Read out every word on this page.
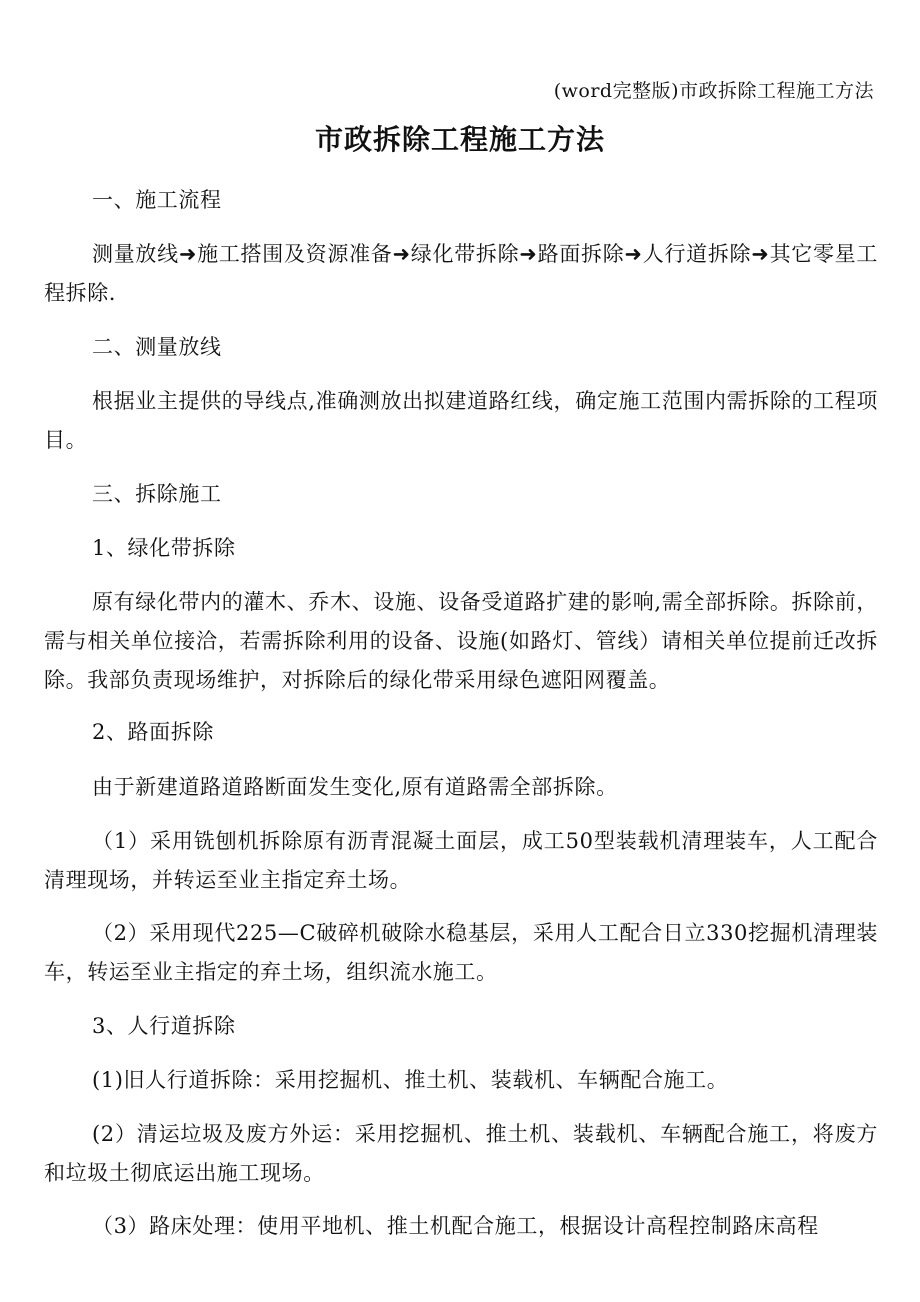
(word完整版)市政拆除工程施工方法
市政拆除工程施工方法
一、施工流程
测量放线➜施工搭围及资源准备➜绿化带拆除➜路面拆除➜人行道拆除➜其它零星工程拆除.
二、测量放线
根据业主提供的导线点,准确测放出拟建道路红线，确定施工范围内需拆除的工程项目。
三、拆除施工
1、绿化带拆除
原有绿化带内的灌木、乔木、设施、设备受道路扩建的影响,需全部拆除。拆除前，需与相关单位接洽，若需拆除利用的设备、设施(如路灯、管线）请相关单位提前迁改拆除。我部负责现场维护，对拆除后的绿化带采用绿色遮阳网覆盖。
2、路面拆除
由于新建道路道路断面发生变化,原有道路需全部拆除。
（1）采用铣刨机拆除原有沥青混凝土面层，成工50型装载机清理装车，人工配合清理现场，并转运至业主指定弃土场。
（2）采用现代225—C破碎机破除水稳基层，采用人工配合日立330挖掘机清理装车，转运至业主指定的弃土场，组织流水施工。
3、人行道拆除
(1)旧人行道拆除：采用挖掘机、推土机、装载机、车辆配合施工。
(2）清运垃圾及废方外运：采用挖掘机、推土机、装载机、车辆配合施工，将废方和垃圾土彻底运出施工现场。
（3）路床处理：使用平地机、推土机配合施工，根据设计高程控制路床高程
